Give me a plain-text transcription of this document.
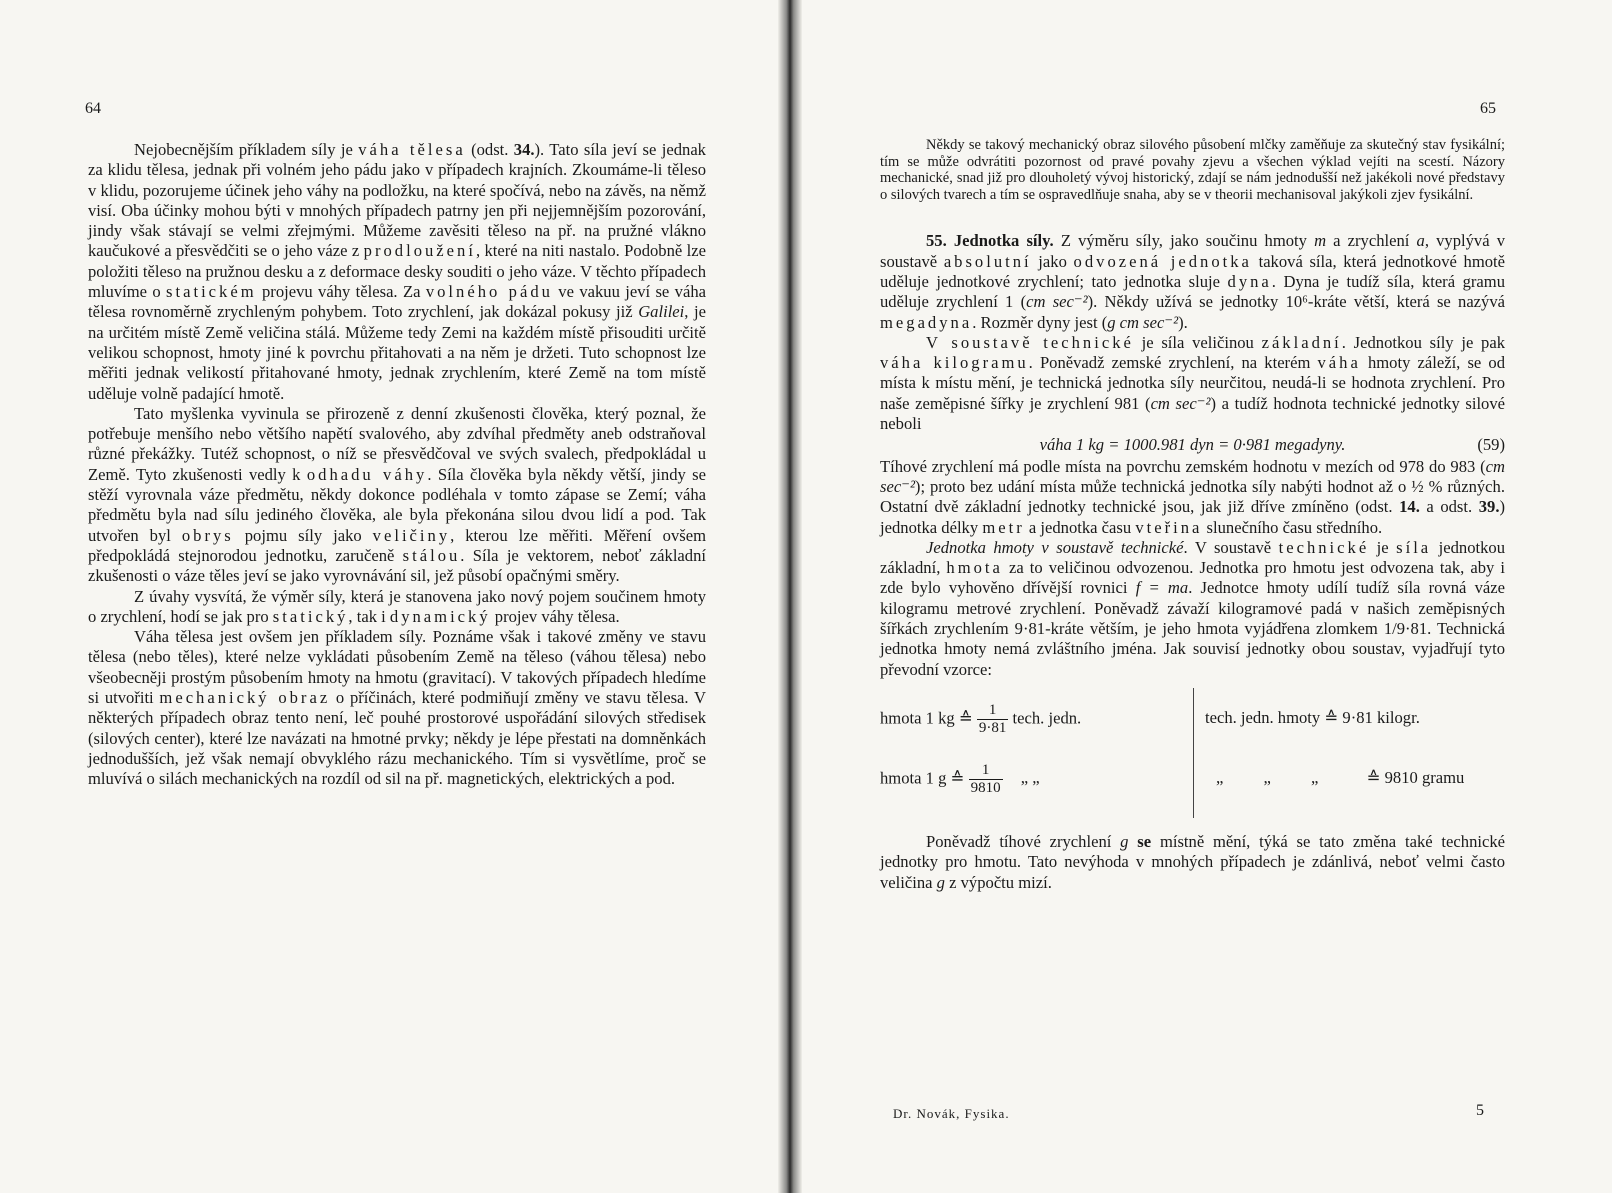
64	65

Nejobecnějším příkladem síly je váha tělesa (odst. 34.). Tato síla jeví se jednak za klidu tělesa, jednak při volném jeho pádu jako v případech krajních. Zkoumáme-li těleso v klidu, pozorujeme účinek jeho váhy na podložku, na které spočívá, nebo na závěs, na němž visí. Oba účinky mohou býti v mnohých případech patrny jen při nejjemnějším pozorování, jindy však stávají se velmi zřejmými. Můžeme zavěsiti těleso na př. na pružné vlákno kaučukové a přesvědčiti se o jeho váze z prodloužení, které na niti nastalo. Podobně lze položiti těleso na pružnou desku a z deformace desky souditi o jeho váze. V těchto případech mluvíme o statickém projevu váhy tělesa. Za volného pádu ve vakuu jeví se váha tělesa rovnoměrně zrychleným pohybem. Toto zrychlení, jak dokázal pokusy již Galilei, je na určitém místě Země veličina stálá. Můžeme tedy Zemi na každém místě přisouditi určitě velikou schopnost, hmoty jiné k povrchu přitahovati a na něm je držeti. Tuto schopnost lze měřiti jednak velikostí přitahované hmoty, jednak zrychlením, které Země na tom místě uděluje volně padající hmotě.

Tato myšlenka vyvinula se přirozeně z denní zkušenosti člověka, který poznal, že potřebuje menšího nebo většího napětí svalového, aby zdvíhal předměty aneb odstraňoval různé překážky. Tutéž schopnost, o níž se přesvědčoval ve svých svalech, předpokládal u Země. Tyto zkušenosti vedly k odhadu váhy. Síla člověka byla někdy větší, jindy se stěží vyrovnala váze předmětu, někdy dokonce podléhala v tomto zápase se Zemí; váha předmětu byla nad sílu jediného člověka, ale byla překonána silou dvou lidí a pod. Tak utvořen byl obrys pojmu síly jako veličiny, kterou lze měřiti. Měření ovšem předpokládá stejnorodou jednotku, zaručeně stálou. Síla je vektorem, neboť základní zkušenosti o váze těles jeví se jako vyrovnávání sil, jež působí opačnými směry.

Z úvahy vysvítá, že výměr síly, která je stanovena jako nový pojem součinem hmoty o zrychlení, hodí se jak pro statický, tak i dynamický projev váhy tělesa.

Váha tělesa jest ovšem jen příkladem síly. Poznáme však i takové změny ve stavu tělesa (nebo těles), které nelze vykládati působením Země na těleso (váhou tělesa) nebo všeobecněji prostým působením hmoty na hmotu (gravitací). V takových případech hledíme si utvořiti mechanický obraz o příčinách, které podmiňují změny ve stavu tělesa. V některých případech obraz tento není, leč pouhé prostorové uspořádání silových středisek (silových center), které lze navázati na hmotné prvky; někdy je lépe přestati na domněnkách jednodušších, jež však nemají obvyklého rázu mechanického. Tím si vysvětlíme, proč se mluvívá o silách mechanických na rozdíl od sil na př. magnetických, elektrických a pod.

Někdy se takový mechanický obraz silového působení mlčky zaměňuje za skutečný stav fysikální; tím se může odvrátiti pozornost od pravé povahy zjevu a všechen výklad vejíti na scestí. Názory mechanické, snad již pro dlouholetý vývoj historický, zdají se nám jednodušší než jakékoli nové představy o silových tvarech a tím se ospravedlňuje snaha, aby se v theorii mechanisoval jakýkoli zjev fysikální.

55. Jednotka síly. Z výměru síly, jako součinu hmoty m a zrychlení a, vyplývá v soustavě absolutní jako odvozená jednotka taková síla, která jednotkové hmotě uděluje jednotkové zrychlení; tato jednotka sluje dyna. Dyna je tudíž síla, která gramu uděluje zrychlení 1 (cm sec⁻²). Někdy užívá se jednotky 10⁶-kráte větší, která se nazývá megadyna. Rozměr dyny jest (g cm sec⁻²).

V soustavě technické je síla veličinou základní. Jednotkou síly je pak váha kilogramu. Poněvadž zemské zrychlení, na kterém váha hmoty záleží, se od místa k místu mění, je technická jednotka síly neurčitou, neudá-li se hodnota zrychlení. Pro naše zeměpisné šířky je zrychlení 981 (cm sec⁻²) a tudíž hodnota technické jednotky silové neboli

váha 1 kg = 1000.981 dyn = 0·981 megadyny.	(59)

Tíhové zrychlení má podle místa na povrchu zemském hodnotu v mezích od 978 do 983 (cm sec⁻²); proto bez udání místa může technická jednotka síly nabýti hodnot až o ½ % různých. Ostatní dvě základní jednotky technické jsou, jak již dříve zmíněno (odst. 14. a odst. 39.) jednotka délky metr a jednotka času vteřina slunečního času středního.

Jednotka hmoty v soustavě technické. V soustavě technické je síla jednotkou základní, hmota za to veličinou odvozenou. Jednotka pro hmotu jest odvozena tak, aby i zde bylo vyhověno dřívější rovnici f = ma. Jednotce hmoty udílí tudíž síla rovná váze kilogramu metrové zrychlení. Poněvadž závaží kilogramové padá v našich zeměpisných šířkách zrychlením 9·81-kráte větším, je jeho hmota vyjádřena zlomkem 1/9·81. Technická jednotka hmoty nemá zvláštního jména. Jak souvisí jednotky obou soustav, vyjadřují tyto převodní vzorce:

hmota 1 kg ≙ $\frac{1}{9\cdot 81}$ tech. jedn.	tech. jedn. hmoty ≙ 9·81 kilogr.
hmota 1 g ≙ $\frac{1}{9810}$ „ „	„ „ „ ≙ 9810 gramu

Poněvadž tíhové zrychlení g se místně mění, týká se tato změna také technické jednotky pro hmotu. Tato nevýhoda v mnohých případech je zdánlivá, neboť velmi často veličina g z výpočtu mizí.

Dr. Novák, Fysika.	5
